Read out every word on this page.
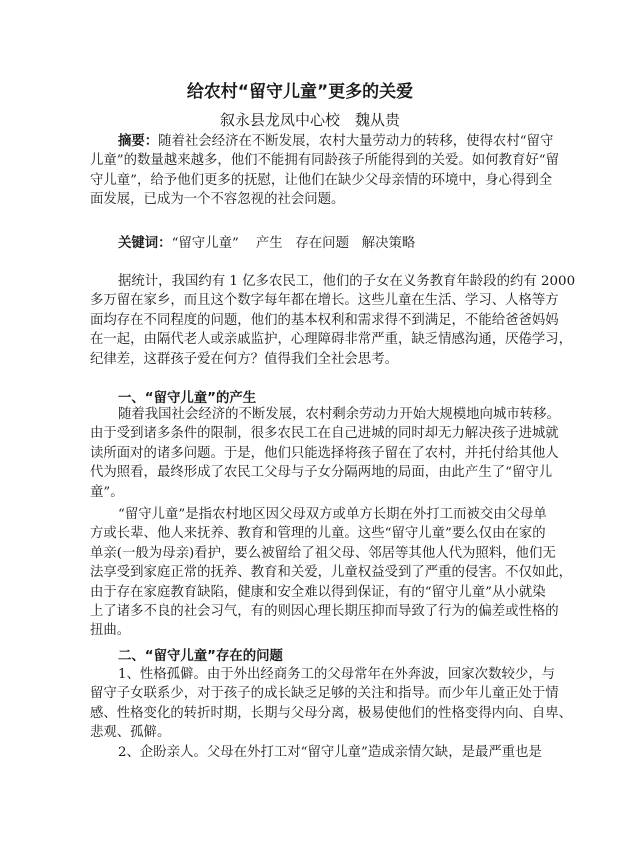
给农村“留守儿童”更多的关爱
叙永县龙凤中心校　魏从贵
摘要：随着社会经济在不断发展，农村大量劳动力的转移，使得农村“留守
儿童”的数量越来越多，他们不能拥有同龄孩子所能得到的关爱。如何教育好“留
守儿童”，给予他们更多的抚慰，让他们在缺少父母亲情的环境中，身心得到全
面发展，已成为一个不容忽视的社会问题。
关键词：“留守儿童”    产生   存在问题   解决策略
据统计，我国约有 1 亿多农民工，他们的子女在义务教育年龄段的约有 2000
多万留在家乡，而且这个数字每年都在增长。这些儿童在生活、学习、人格等方
面均存在不同程度的问题，他们的基本权利和需求得不到满足，不能给爸爸妈妈
在一起，由隔代老人或亲戚监护，心理障碍非常严重，缺乏情感沟通，厌倦学习，
纪律差，这群孩子爱在何方？值得我们全社会思考。
一、“留守儿童”的产生
随着我国社会经济的不断发展，农村剩余劳动力开始大规模地向城市转移。
由于受到诸多条件的限制，很多农民工在自己进城的同时却无力解决孩子进城就
读所面对的诸多问题。于是，他们只能选择将孩子留在了农村，并托付给其他人
代为照看，最终形成了农民工父母与子女分隔两地的局面，由此产生了“留守儿
童”。
“留守儿童”是指农村地区因父母双方或单方长期在外打工而被交由父母单
方或长辈、他人来抚养、教育和管理的儿童。这些“留守儿童”要么仅由在家的
单亲(一般为母亲)看护，要么被留给了祖父母、邻居等其他人代为照料，他们无
法享受到家庭正常的抚养、教育和关爱，儿童权益受到了严重的侵害。不仅如此，
由于存在家庭教育缺陷，健康和安全难以得到保证，有的“留守儿童”从小就染
上了诸多不良的社会习气，有的则因心理长期压抑而导致了行为的偏差或性格的
扭曲。
二、“留守儿童”存在的问题
1、性格孤僻。由于外出经商务工的父母常年在外奔波，回家次数较少，与
留守子女联系少，对于孩子的成长缺乏足够的关注和指导。而少年儿童正处于情
感、性格变化的转折时期，长期与父母分离，极易使他们的性格变得内向、自卑、
悲观、孤僻。
2、企盼亲人。父母在外打工对“留守儿童”造成亲情欠缺，是最严重也是
